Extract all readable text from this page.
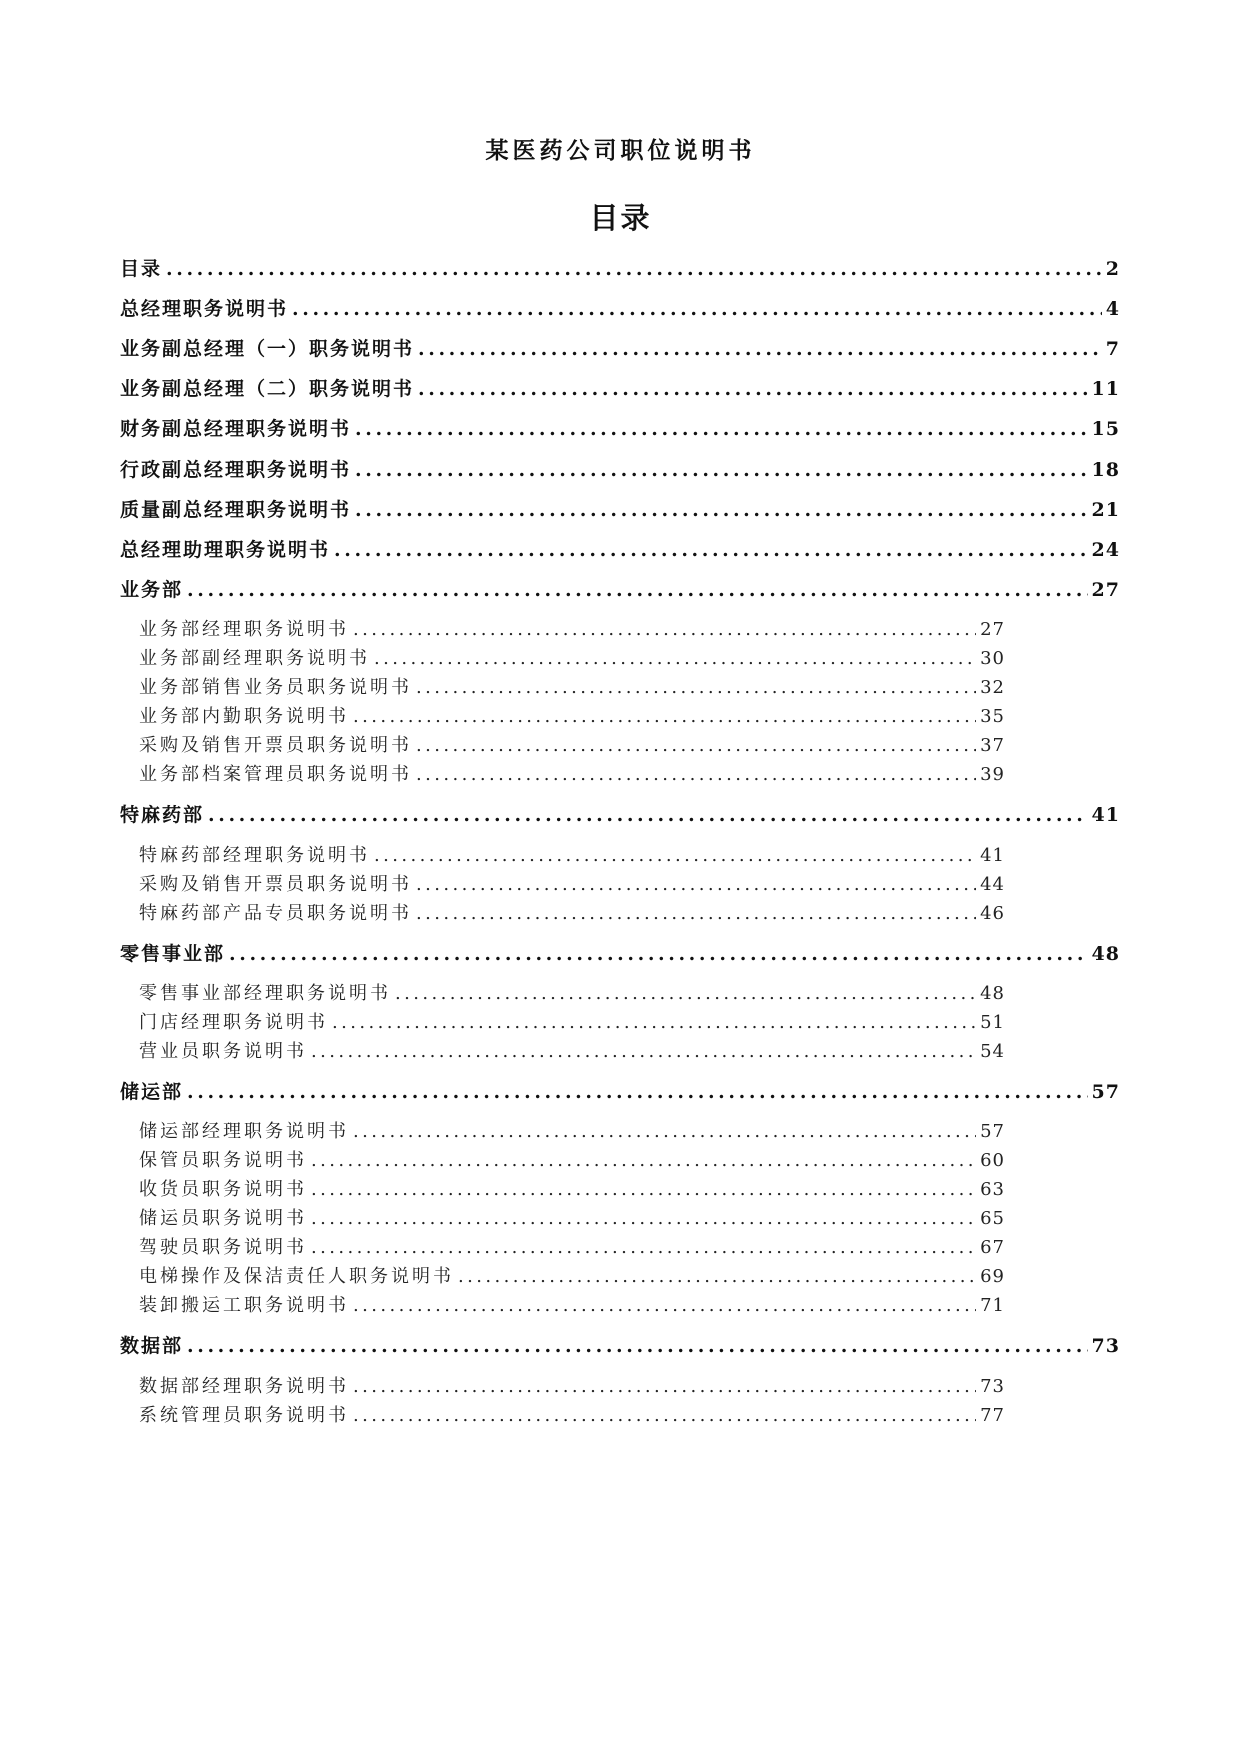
某医药公司职位说明书
目录
目录 .....	2
总经理职务说明书 .....	4
业务副总经理（一）职务说明书 .....	7
业务副总经理（二）职务说明书 .....	11
财务副总经理职务说明书 .....	15
行政副总经理职务说明书 .....	18
质量副总经理职务说明书 .....	21
总经理助理职务说明书 .....	24
业务部 .....	27
业务部经理职务说明书 .....	27
业务部副经理职务说明书 .....	30
业务部销售业务员职务说明书 .....	32
业务部内勤职务说明书 .....	35
采购及销售开票员职务说明书 .....	37
业务部档案管理员职务说明书 .....	39
特麻药部 .....	41
特麻药部经理职务说明书 .....	41
采购及销售开票员职务说明书 .....	44
特麻药部产品专员职务说明书 .....	46
零售事业部 .....	48
零售事业部经理职务说明书 .....	48
门店经理职务说明书 .....	51
营业员职务说明书 .....	54
储运部 .....	57
储运部经理职务说明书 .....	57
保管员职务说明书 .....	60
收货员职务说明书 .....	63
储运员职务说明书 .....	65
驾驶员职务说明书 .....	67
电梯操作及保洁责任人职务说明书 .....	69
装卸搬运工职务说明书 .....	71
数据部 .....	73
数据部经理职务说明书 .....	73
系统管理员职务说明书 .....	77
